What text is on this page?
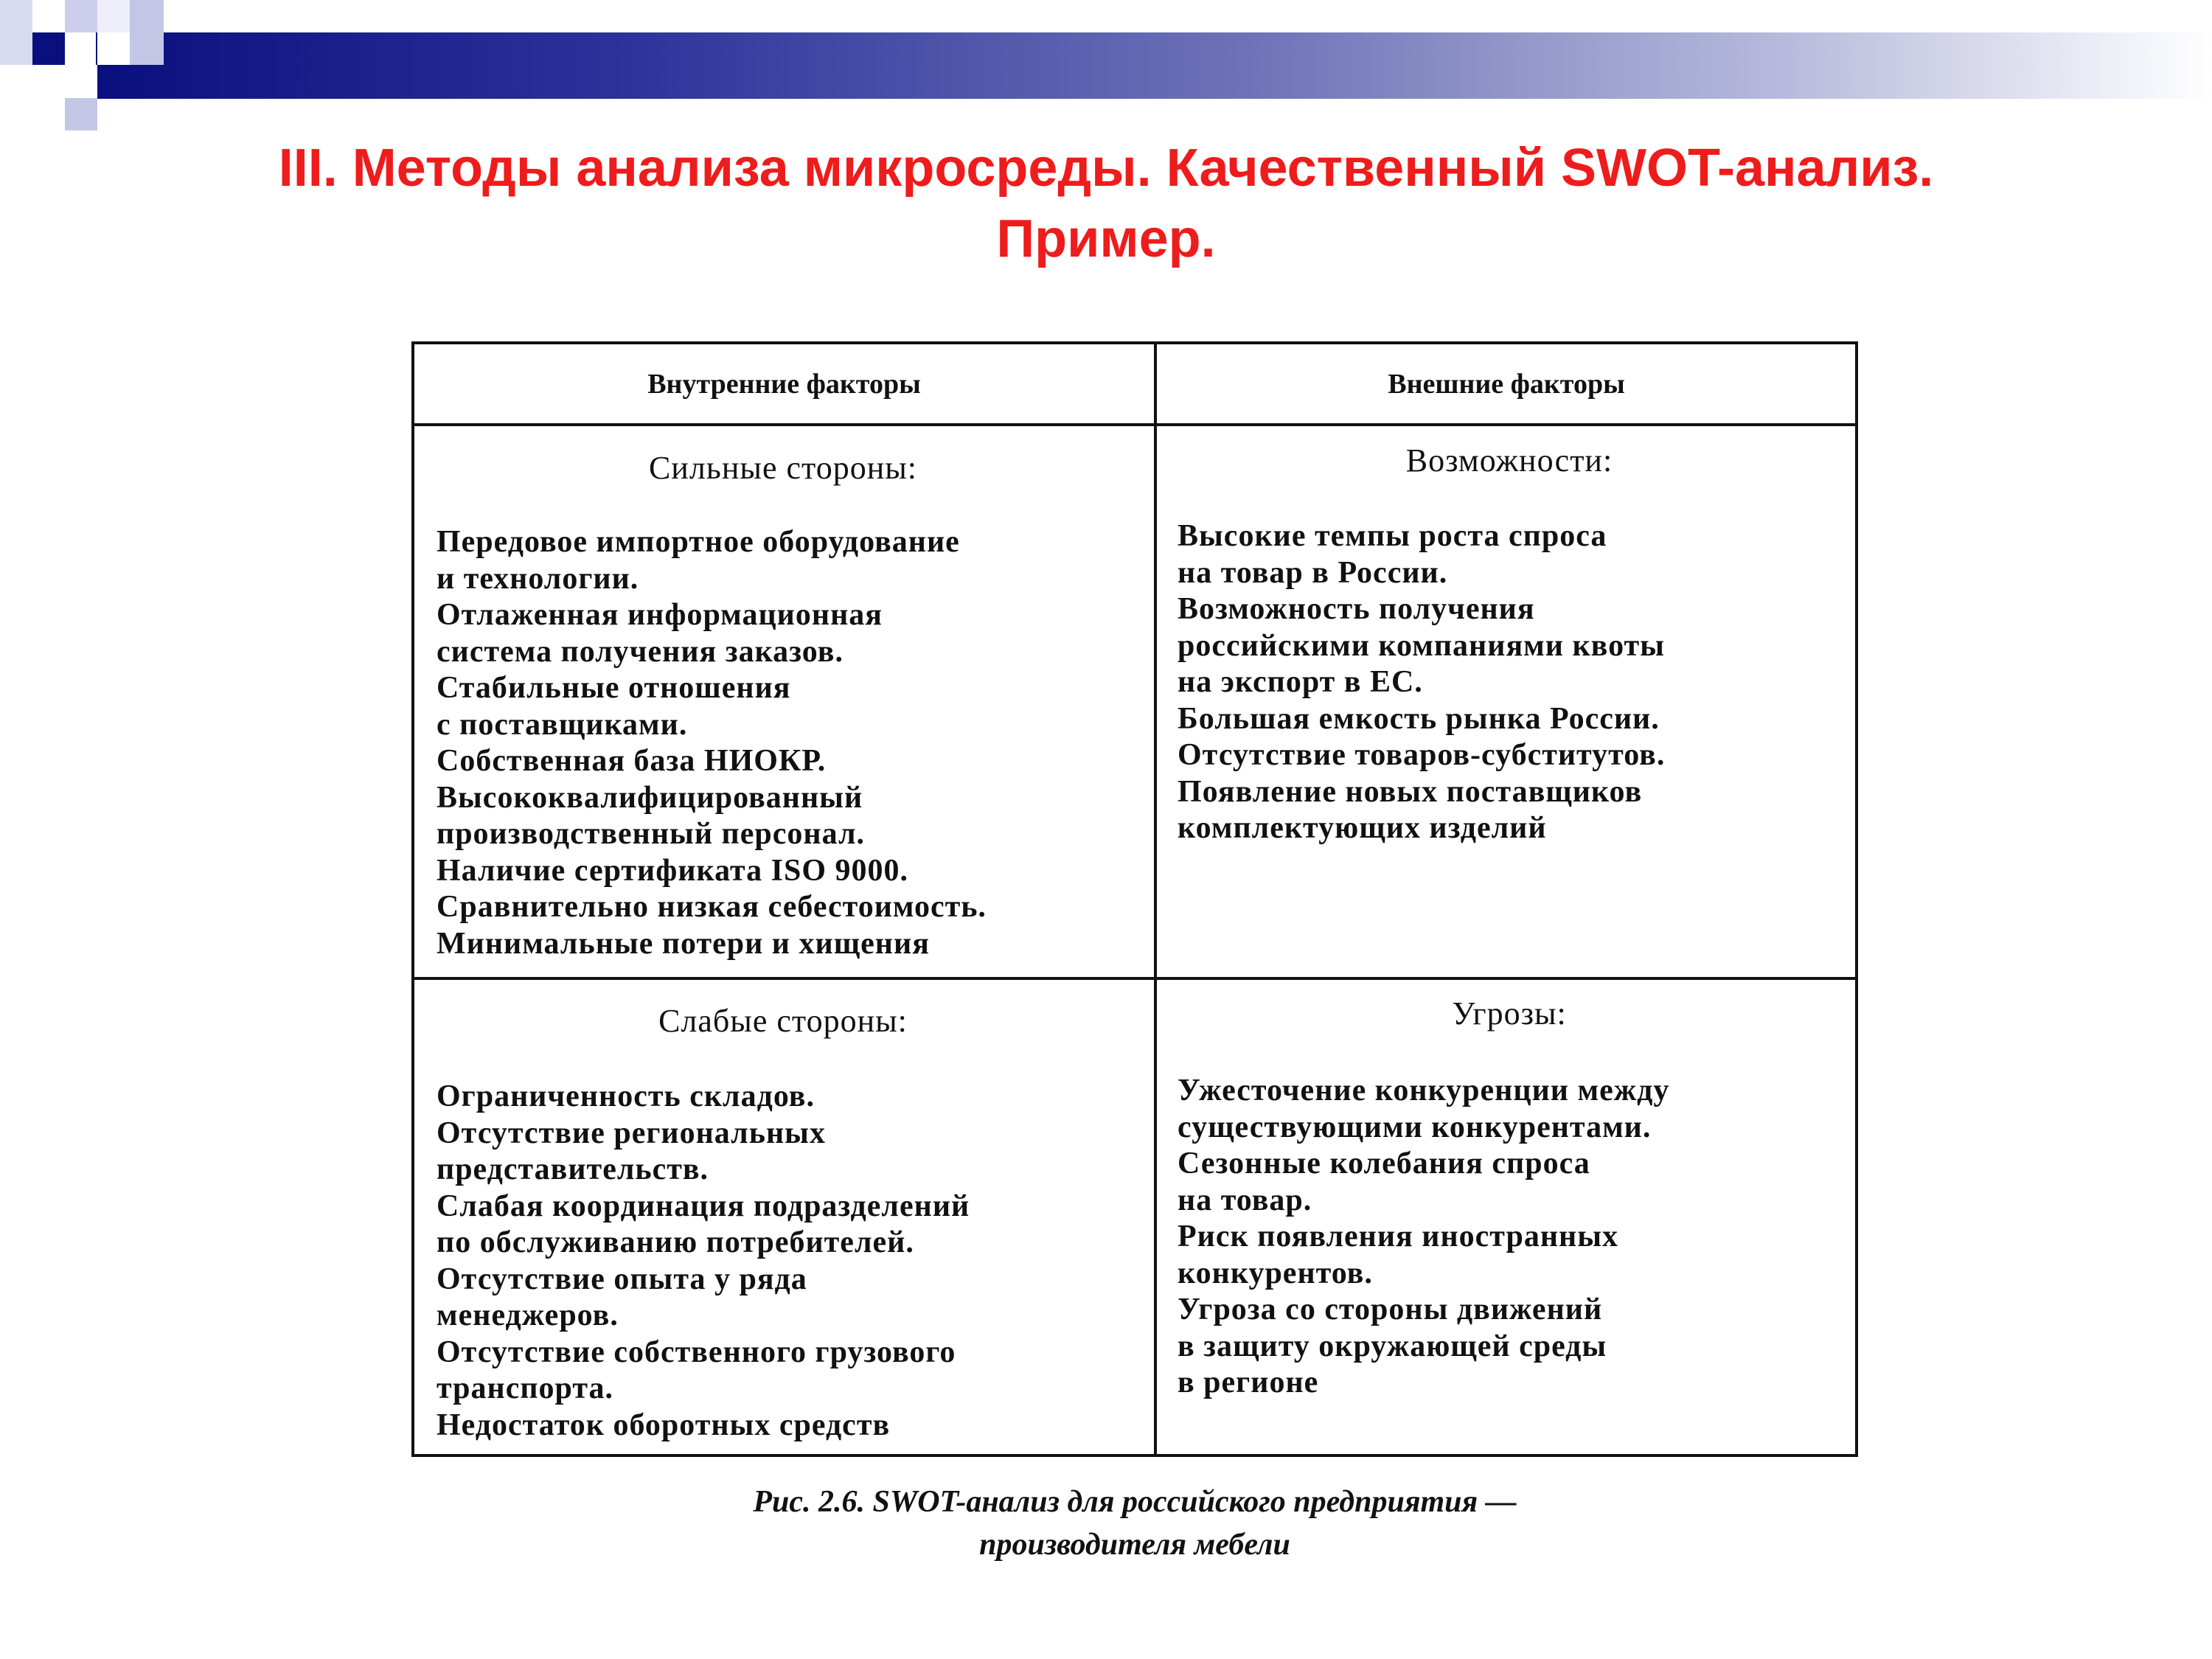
III. Методы анализа микросреды. Качественный SWOT-анализ.
Пример.
Внутренние факторы	Внешние факторы
Сильные стороны:
Передовое импортное оборудование
и технологии.
Отлаженная информационная
система получения заказов.
Стабильные отношения
с поставщиками.
Собственная база НИОКР.
Высококвалифицированный
производственный персонал.
Наличие сертификата ISO 9000.
Сравнительно низкая себестоимость.
Минимальные потери и хищения
Возможности:
Высокие темпы роста спроса
на товар в России.
Возможность получения
российскими компаниями квоты
на экспорт в ЕС.
Большая емкость рынка России.
Отсутствие товаров-субститутов.
Появление новых поставщиков
комплектующих изделий
Слабые стороны:
Ограниченность складов.
Отсутствие региональных
представительств.
Слабая координация подразделений
по обслуживанию потребителей.
Отсутствие опыта у ряда
менеджеров.
Отсутствие собственного грузового
транспорта.
Недостаток оборотных средств
Угрозы:
Ужесточение конкуренции между
существующими конкурентами.
Сезонные колебания спроса
на товар.
Риск появления иностранных
конкурентов.
Угроза со стороны движений
в защиту окружающей среды
в регионе
Рис. 2.6. SWOT-анализ для российского предприятия —
производителя мебели
